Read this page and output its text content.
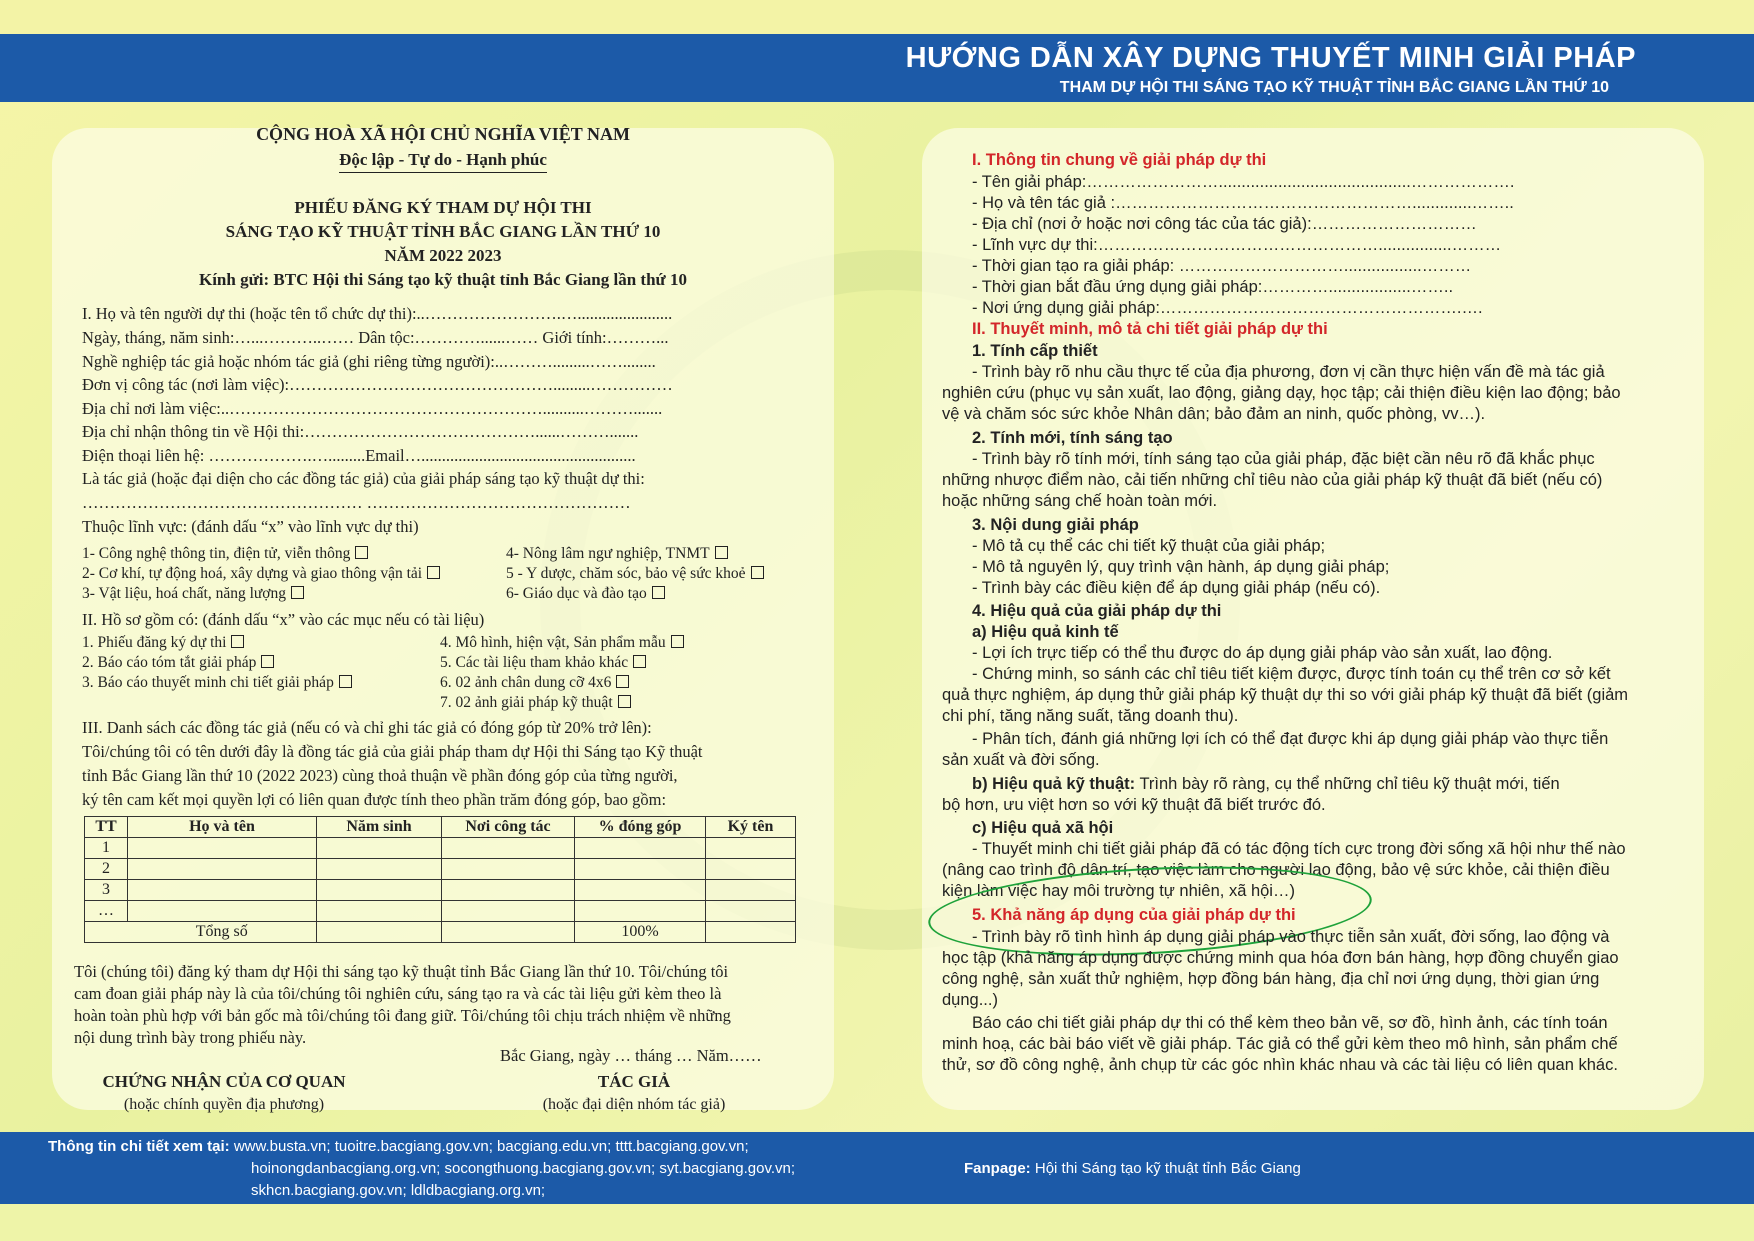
HƯỚNG DẪN XÂY DỰNG THUYẾT MINH GIẢI PHÁP
THAM DỰ HỘI THI SÁNG TẠO KỸ THUẬT TỈNH BẮC GIANG LẦN THỨ 10
CỘNG HOÀ XÃ HỘI CHỦ NGHĨA VIỆT NAM
Độc lập - Tự do - Hạnh phúc
PHIẾU ĐĂNG KÝ THAM DỰ HỘI THI
SÁNG TẠO KỸ THUẬT TỈNH BẮC GIANG LẦN THỨ 10
NĂM 2022 2023
Kính gửi: BTC Hội thi Sáng tạo kỹ thuật tỉnh Bắc Giang lần thứ 10
I. Họ và tên người dự thi (hoặc tên tổ chức dự thi):..…………………….….......................
Ngày, tháng, năm sinh:…...………..…… Dân tộc:…………......…… Giới tính:………...
Nghề nghiệp tác giả hoặc nhóm tác giả (ghi riêng từng người):..……….........……........
Đơn vị công tác (nơi làm việc):………………………………………….........……………
Địa chỉ nơi làm việc:..…………………………………………………..........……….......
Địa chỉ nhận thông tin về Hội thi:……………………………………......……….......
Điện thoại liên hệ: ……………….….........Email…....................................................
Là tác giả (hoặc đại diện cho các đồng tác giả) của giải pháp sáng tạo kỹ thuật dự thi:
…………………………………………… …………………………………………
Thuộc lĩnh vực: (đánh dấu “x” vào lĩnh vực dự thi)
1- Công nghệ thông tin, điện tử, viễn thông
2- Cơ khí, tự động hoá, xây dựng và giao thông vận tải
3- Vật liệu, hoá chất, năng lượng
4- Nông lâm ngư nghiệp, TNMT
5 - Y dược, chăm sóc, bảo vệ sức khoẻ
6- Giáo dục và đào tạo
II. Hồ sơ gồm có: (đánh dấu “x” vào các mục nếu có tài liệu)
1. Phiếu đăng ký dự thi
2. Báo cáo tóm tắt giải pháp
3. Báo cáo thuyết minh chi tiết giải pháp
4. Mô hình, hiện vật, Sản phẩm mẫu
5. Các tài liệu tham khảo khác
6. 02 ảnh chân dung cỡ 4x6
7. 02 ảnh giải pháp kỹ thuật
III. Danh sách các đồng tác giả (nếu có và chỉ ghi tác giả có đóng góp từ 20% trở lên):
Tôi/chúng tôi có tên dưới đây là đồng tác giả của giải pháp tham dự Hội thi Sáng tạo Kỹ thuật
tỉnh Bắc Giang lần thứ 10 (2022 2023) cùng thoả thuận về phần đóng góp của từng người,
ký tên cam kết mọi quyền lợi có liên quan được tính theo phần trăm đóng góp, bao gồm:
TT	Họ và tên	Năm sinh	Nơi công tác	% đóng góp	Ký tên
1					
2					
3					
…					
	Tổng số			100%	
Tôi (chúng tôi) đăng ký tham dự Hội thi sáng tạo kỹ thuật tỉnh Bắc Giang lần thứ 10. Tôi/chúng tôi
cam đoan giải pháp này là của tôi/chúng tôi nghiên cứu, sáng tạo ra và các tài liệu gửi kèm theo là
hoàn toàn phù hợp với bản gốc mà tôi/chúng tôi đang giữ. Tôi/chúng tôi chịu trách nhiệm về những
nội dung trình bày trong phiếu này.
Bắc Giang, ngày … tháng … Năm……
CHỨNG NHẬN CỦA CƠ QUAN
(hoặc chính quyền địa phương)
TÁC GIẢ
(hoặc đại diện nhóm tác giả)
I. Thông tin chung về giải pháp dự thi
- Tên giải pháp:……………………..........................................……………….
- Họ và tên tác giả :……………………………………………….............……..
- Địa chỉ (nơi ở hoặc nơi công tác của tác giả):…………………………
- Lĩnh vực dự thi:……………………………………………................………
- Thời gian tạo ra giải pháp: ………………………….................………
- Thời gian bắt đầu ứng dụng giải pháp:…………..................……..
- Nơi ứng dụng giải pháp:……………………………………………….….
II. Thuyết minh, mô tả chi tiết giải pháp dự thi
1. Tính cấp thiết
- Trình bày rõ nhu cầu thực tế của địa phương, đơn vị cần thực hiện vấn đề mà tác giả
nghiên cứu (phục vụ sản xuất, lao động, giảng dạy, học tập; cải thiện điều kiện lao động; bảo
vệ và chăm sóc sức khỏe Nhân dân; bảo đảm an ninh, quốc phòng, vv…).
2. Tính mới, tính sáng tạo
- Trình bày rõ tính mới, tính sáng tạo của giải pháp, đặc biệt cần nêu rõ đã khắc phục
những nhược điểm nào, cải tiến những chỉ tiêu nào của giải pháp kỹ thuật đã biết (nếu có)
hoặc những sáng chế hoàn toàn mới.
3. Nội dung giải pháp
- Mô tả cụ thể các chi tiết kỹ thuật của giải pháp;
- Mô tả nguyên lý, quy trình vận hành, áp dụng giải pháp;
- Trình bày các điều kiện để áp dụng giải pháp (nếu có).
4. Hiệu quả của giải pháp dự thi
a) Hiệu quả kinh tế
- Lợi ích trực tiếp có thể thu được do áp dụng giải pháp vào sản xuất, lao động.
- Chứng minh, so sánh các chỉ tiêu tiết kiệm được, được tính toán cụ thể trên cơ sở kết
quả thực nghiệm, áp dụng thử giải pháp kỹ thuật dự thi so với giải pháp kỹ thuật đã biết (giảm
chi phí, tăng năng suất, tăng doanh thu).
- Phân tích, đánh giá những lợi ích có thể đạt được khi áp dụng giải pháp vào thực tiễn
sản xuất và đời sống.
b) Hiệu quả kỹ thuật: Trình bày rõ ràng, cụ thể những chỉ tiêu kỹ thuật mới, tiến
bộ hơn, ưu việt hơn so với kỹ thuật đã biết trước đó.
c) Hiệu quả xã hội
- Thuyết minh chi tiết giải pháp đã có tác động tích cực trong đời sống xã hội như thế nào
(nâng cao trình độ dân trí, tạo việc làm cho người lao động, bảo vệ sức khỏe, cải thiện điều
kiện làm việc hay môi trường tự nhiên, xã hội…)
5. Khả năng áp dụng của giải pháp dự thi
- Trình bày rõ tình hình áp dụng giải pháp vào thực tiễn sản xuất, đời sống, lao động và
học tập (khả năng áp dụng được chứng minh qua hóa đơn bán hàng, hợp đồng chuyển giao
công nghệ, sản xuất thử nghiệm, hợp đồng bán hàng, địa chỉ nơi ứng dụng, thời gian ứng
dụng...)
Báo cáo chi tiết giải pháp dự thi có thể kèm theo bản vẽ, sơ đồ, hình ảnh, các tính toán
minh hoạ, các bài báo viết về giải pháp. Tác giả có thể gửi kèm theo mô hình, sản phẩm chế
thử, sơ đồ công nghệ, ảnh chụp từ các góc nhìn khác nhau và các tài liệu có liên quan khác.
Thông tin chi tiết xem tại: www.busta.vn; tuoitre.bacgiang.gov.vn; bacgiang.edu.vn; tttt.bacgiang.gov.vn;
hoinongdanbacgiang.org.vn; socongthuong.bacgiang.gov.vn; syt.bacgiang.gov.vn;
skhcn.bacgiang.gov.vn; ldldbacgiang.org.vn;
Fanpage: Hội thi Sáng tạo kỹ thuật tỉnh Bắc Giang
